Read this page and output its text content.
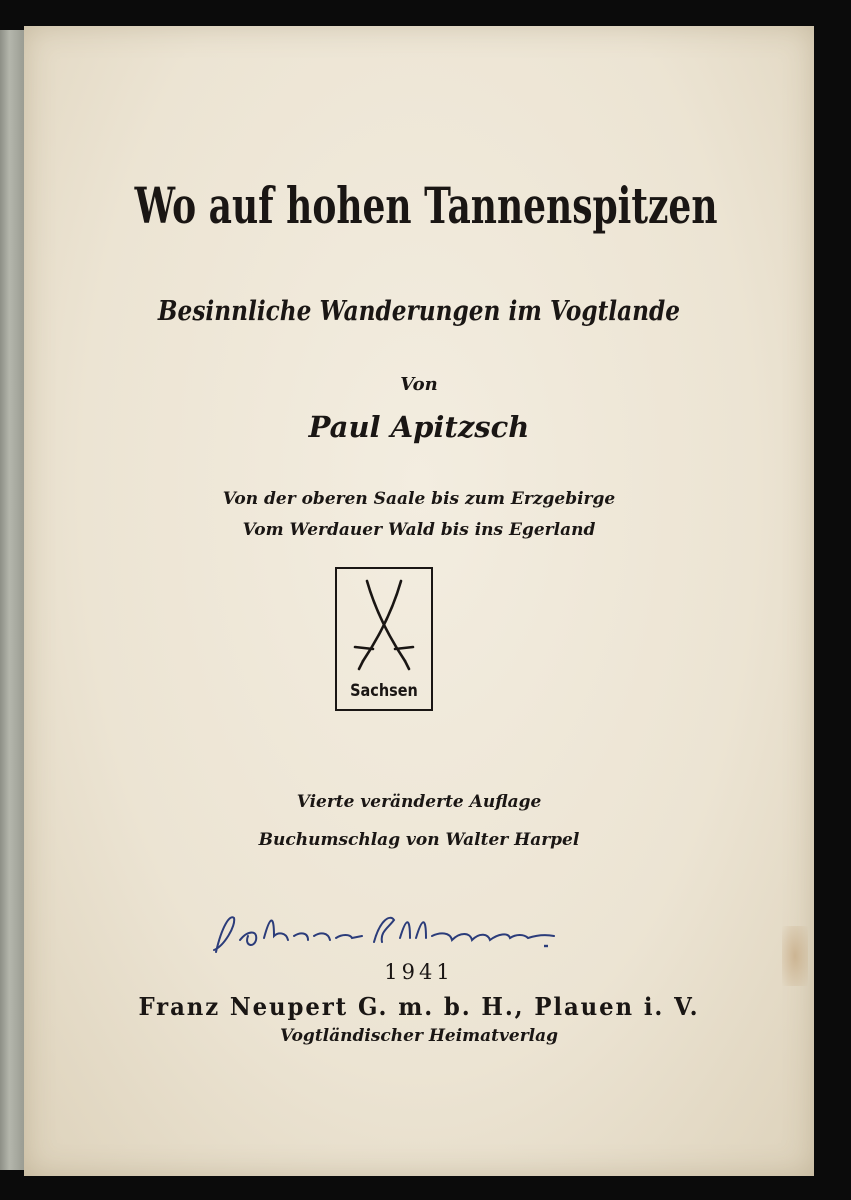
Wo auf hohen Tannenspitzen
Besinnliche Wanderungen im Vogtlande
Von
Paul Apitzsch
Von der oberen Saale bis zum Erzgebirge
Vom Werdauer Wald bis ins Egerland
Sachsen
Vierte veränderte Auflage
Buchumschlag von Walter Harpel
1941
Franz Neupert G. m. b. H., Plauen i. V.
Vogtländischer Heimatverlag
